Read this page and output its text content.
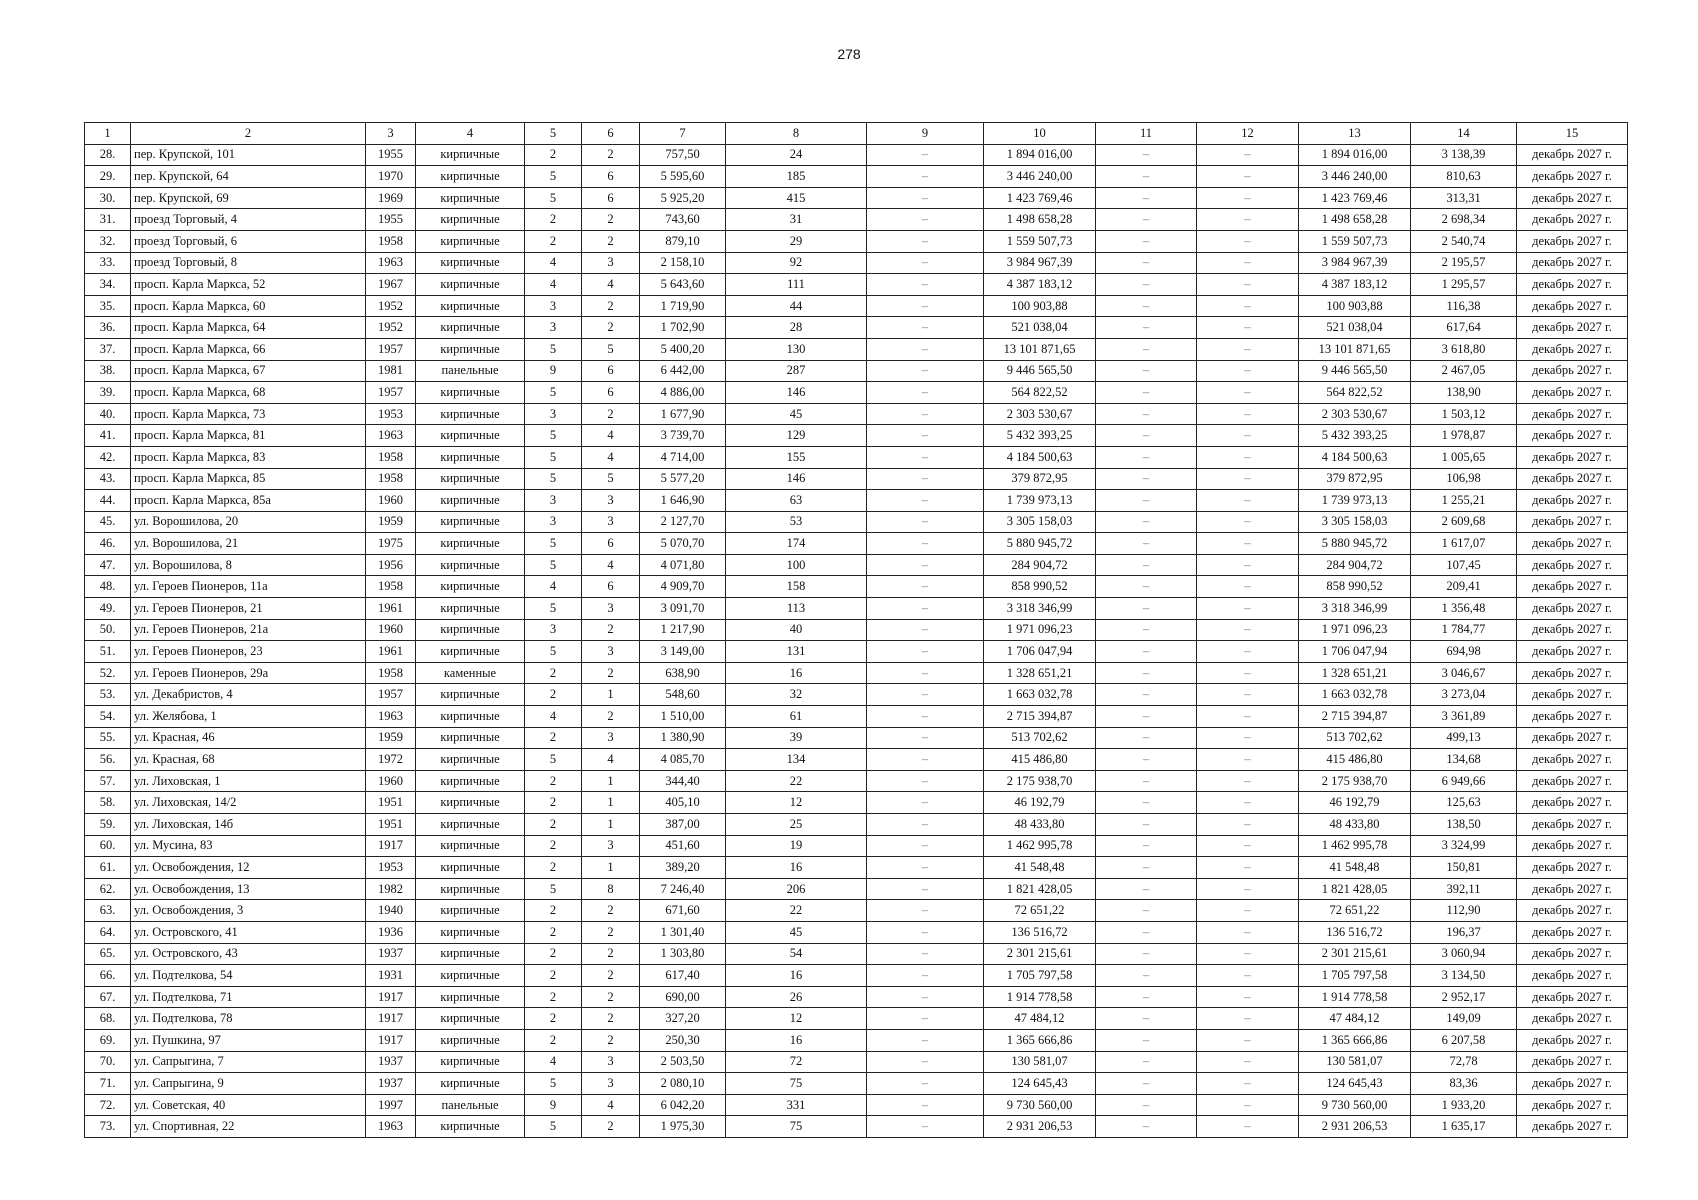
278
1	2	3	4	5	6	7	8	9	10	11	12	13	14	15
28.	пер. Крупской, 101	1955	кирпичные	2	2	757,50	24	–	1 894 016,00	–	–	1 894 016,00	3 138,39	декабрь 2027 г.
29.	пер. Крупской, 64	1970	кирпичные	5	6	5 595,60	185	–	3 446 240,00	–	–	3 446 240,00	810,63	декабрь 2027 г.
30.	пер. Крупской, 69	1969	кирпичные	5	6	5 925,20	415	–	1 423 769,46	–	–	1 423 769,46	313,31	декабрь 2027 г.
31.	проезд Торговый, 4	1955	кирпичные	2	2	743,60	31	–	1 498 658,28	–	–	1 498 658,28	2 698,34	декабрь 2027 г.
32.	проезд Торговый, 6	1958	кирпичные	2	2	879,10	29	–	1 559 507,73	–	–	1 559 507,73	2 540,74	декабрь 2027 г.
33.	проезд Торговый, 8	1963	кирпичные	4	3	2 158,10	92	–	3 984 967,39	–	–	3 984 967,39	2 195,57	декабрь 2027 г.
34.	просп. Карла Маркса, 52	1967	кирпичные	4	4	5 643,60	111	–	4 387 183,12	–	–	4 387 183,12	1 295,57	декабрь 2027 г.
35.	просп. Карла Маркса, 60	1952	кирпичные	3	2	1 719,90	44	–	100 903,88	–	–	100 903,88	116,38	декабрь 2027 г.
36.	просп. Карла Маркса, 64	1952	кирпичные	3	2	1 702,90	28	–	521 038,04	–	–	521 038,04	617,64	декабрь 2027 г.
37.	просп. Карла Маркса, 66	1957	кирпичные	5	5	5 400,20	130	–	13 101 871,65	–	–	13 101 871,65	3 618,80	декабрь 2027 г.
38.	просп. Карла Маркса, 67	1981	панельные	9	6	6 442,00	287	–	9 446 565,50	–	–	9 446 565,50	2 467,05	декабрь 2027 г.
39.	просп. Карла Маркса, 68	1957	кирпичные	5	6	4 886,00	146	–	564 822,52	–	–	564 822,52	138,90	декабрь 2027 г.
40.	просп. Карла Маркса, 73	1953	кирпичные	3	2	1 677,90	45	–	2 303 530,67	–	–	2 303 530,67	1 503,12	декабрь 2027 г.
41.	просп. Карла Маркса, 81	1963	кирпичные	5	4	3 739,70	129	–	5 432 393,25	–	–	5 432 393,25	1 978,87	декабрь 2027 г.
42.	просп. Карла Маркса, 83	1958	кирпичные	5	4	4 714,00	155	–	4 184 500,63	–	–	4 184 500,63	1 005,65	декабрь 2027 г.
43.	просп. Карла Маркса, 85	1958	кирпичные	5	5	5 577,20	146	–	379 872,95	–	–	379 872,95	106,98	декабрь 2027 г.
44.	просп. Карла Маркса, 85а	1960	кирпичные	3	3	1 646,90	63	–	1 739 973,13	–	–	1 739 973,13	1 255,21	декабрь 2027 г.
45.	ул. Ворошилова, 20	1959	кирпичные	3	3	2 127,70	53	–	3 305 158,03	–	–	3 305 158,03	2 609,68	декабрь 2027 г.
46.	ул. Ворошилова, 21	1975	кирпичные	5	6	5 070,70	174	–	5 880 945,72	–	–	5 880 945,72	1 617,07	декабрь 2027 г.
47.	ул. Ворошилова, 8	1956	кирпичные	5	4	4 071,80	100	–	284 904,72	–	–	284 904,72	107,45	декабрь 2027 г.
48.	ул. Героев Пионеров, 11а	1958	кирпичные	4	6	4 909,70	158	–	858 990,52	–	–	858 990,52	209,41	декабрь 2027 г.
49.	ул. Героев Пионеров, 21	1961	кирпичные	5	3	3 091,70	113	–	3 318 346,99	–	–	3 318 346,99	1 356,48	декабрь 2027 г.
50.	ул. Героев Пионеров, 21а	1960	кирпичные	3	2	1 217,90	40	–	1 971 096,23	–	–	1 971 096,23	1 784,77	декабрь 2027 г.
51.	ул. Героев Пионеров, 23	1961	кирпичные	5	3	3 149,00	131	–	1 706 047,94	–	–	1 706 047,94	694,98	декабрь 2027 г.
52.	ул. Героев Пионеров, 29а	1958	каменные	2	2	638,90	16	–	1 328 651,21	–	–	1 328 651,21	3 046,67	декабрь 2027 г.
53.	ул. Декабристов, 4	1957	кирпичные	2	1	548,60	32	–	1 663 032,78	–	–	1 663 032,78	3 273,04	декабрь 2027 г.
54.	ул. Желябова, 1	1963	кирпичные	4	2	1 510,00	61	–	2 715 394,87	–	–	2 715 394,87	3 361,89	декабрь 2027 г.
55.	ул. Красная, 46	1959	кирпичные	2	3	1 380,90	39	–	513 702,62	–	–	513 702,62	499,13	декабрь 2027 г.
56.	ул. Красная, 68	1972	кирпичные	5	4	4 085,70	134	–	415 486,80	–	–	415 486,80	134,68	декабрь 2027 г.
57.	ул. Лиховская, 1	1960	кирпичные	2	1	344,40	22	–	2 175 938,70	–	–	2 175 938,70	6 949,66	декабрь 2027 г.
58.	ул. Лиховская, 14/2	1951	кирпичные	2	1	405,10	12	–	46 192,79	–	–	46 192,79	125,63	декабрь 2027 г.
59.	ул. Лиховская, 14б	1951	кирпичные	2	1	387,00	25	–	48 433,80	–	–	48 433,80	138,50	декабрь 2027 г.
60.	ул. Мусина, 83	1917	кирпичные	2	3	451,60	19	–	1 462 995,78	–	–	1 462 995,78	3 324,99	декабрь 2027 г.
61.	ул. Освобождения, 12	1953	кирпичные	2	1	389,20	16	–	41 548,48	–	–	41 548,48	150,81	декабрь 2027 г.
62.	ул. Освобождения, 13	1982	кирпичные	5	8	7 246,40	206	–	1 821 428,05	–	–	1 821 428,05	392,11	декабрь 2027 г.
63.	ул. Освобождения, 3	1940	кирпичные	2	2	671,60	22	–	72 651,22	–	–	72 651,22	112,90	декабрь 2027 г.
64.	ул. Островского, 41	1936	кирпичные	2	2	1 301,40	45	–	136 516,72	–	–	136 516,72	196,37	декабрь 2027 г.
65.	ул. Островского, 43	1937	кирпичные	2	2	1 303,80	54	–	2 301 215,61	–	–	2 301 215,61	3 060,94	декабрь 2027 г.
66.	ул. Подтелкова, 54	1931	кирпичные	2	2	617,40	16	–	1 705 797,58	–	–	1 705 797,58	3 134,50	декабрь 2027 г.
67.	ул. Подтелкова, 71	1917	кирпичные	2	2	690,00	26	–	1 914 778,58	–	–	1 914 778,58	2 952,17	декабрь 2027 г.
68.	ул. Подтелкова, 78	1917	кирпичные	2	2	327,20	12	–	47 484,12	–	–	47 484,12	149,09	декабрь 2027 г.
69.	ул. Пушкина, 97	1917	кирпичные	2	2	250,30	16	–	1 365 666,86	–	–	1 365 666,86	6 207,58	декабрь 2027 г.
70.	ул. Сапрыгина, 7	1937	кирпичные	4	3	2 503,50	72	–	130 581,07	–	–	130 581,07	72,78	декабрь 2027 г.
71.	ул. Сапрыгина, 9	1937	кирпичные	5	3	2 080,10	75	–	124 645,43	–	–	124 645,43	83,36	декабрь 2027 г.
72.	ул. Советская, 40	1997	панельные	9	4	6 042,20	331	–	9 730 560,00	–	–	9 730 560,00	1 933,20	декабрь 2027 г.
73.	ул. Спортивная, 22	1963	кирпичные	5	2	1 975,30	75	–	2 931 206,53	–	–	2 931 206,53	1 635,17	декабрь 2027 г.
